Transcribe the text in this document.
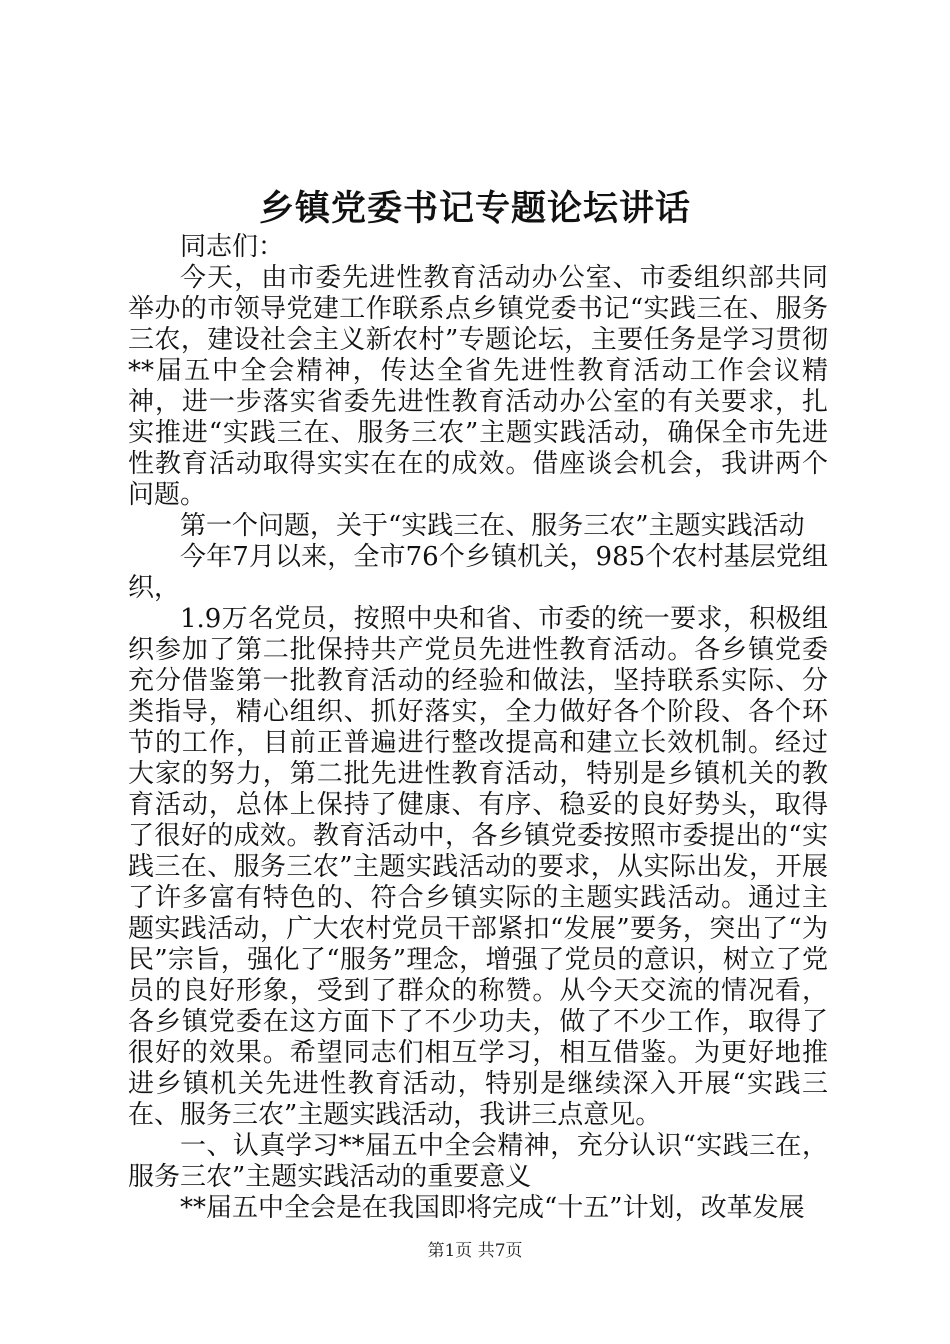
乡镇党委书记专题论坛讲话

同志们：

今天，由市委先进性教育活动办公室、市委组织部共同举办的市领导党建工作联系点乡镇党委书记“实践三在、服务三农，建设社会主义新农村”专题论坛，主要任务是学习贯彻**届五中全会精神，传达全省先进性教育活动工作会议精神，进一步落实省委先进性教育活动办公室的有关要求，扎实推进“实践三在、服务三农”主题实践活动，确保全市先进性教育活动取得实实在在的成效。借座谈会机会，我讲两个问题。

第一个问题，关于“实践三在、服务三农”主题实践活动

今年7月以来，全市76个乡镇机关，985个农村基层党组织，

1.9万名党员，按照中央和省、市委的统一要求，积极组织参加了第二批保持共产党员先进性教育活动。各乡镇党委充分借鉴第一批教育活动的经验和做法，坚持联系实际、分类指导，精心组织、抓好落实，全力做好各个阶段、各个环节的工作，目前正普遍进行整改提高和建立长效机制。经过大家的努力，第二批先进性教育活动，特别是乡镇机关的教育活动，总体上保持了健康、有序、稳妥的良好势头，取得了很好的成效。教育活动中，各乡镇党委按照市委提出的“实践三在、服务三农”主题实践活动的要求，从实际出发，开展了许多富有特色的、符合乡镇实际的主题实践活动。通过主题实践活动，广大农村党员干部紧扣“发展”要务，突出了“为民”宗旨，强化了“服务”理念，增强了党员的意识，树立了党员的良好形象，受到了群众的称赞。从今天交流的情况看，各乡镇党委在这方面下了不少功夫，做了不少工作，取得了很好的效果。希望同志们相互学习，相互借鉴。为更好地推进乡镇机关先进性教育活动，特别是继续深入开展“实践三在、服务三农”主题实践活动，我讲三点意见。

一、认真学习**届五中全会精神，充分认识“实践三在，服务三农”主题实践活动的重要意义

**届五中全会是在我国即将完成“十五”计划，改革发展

第1页 共7页
